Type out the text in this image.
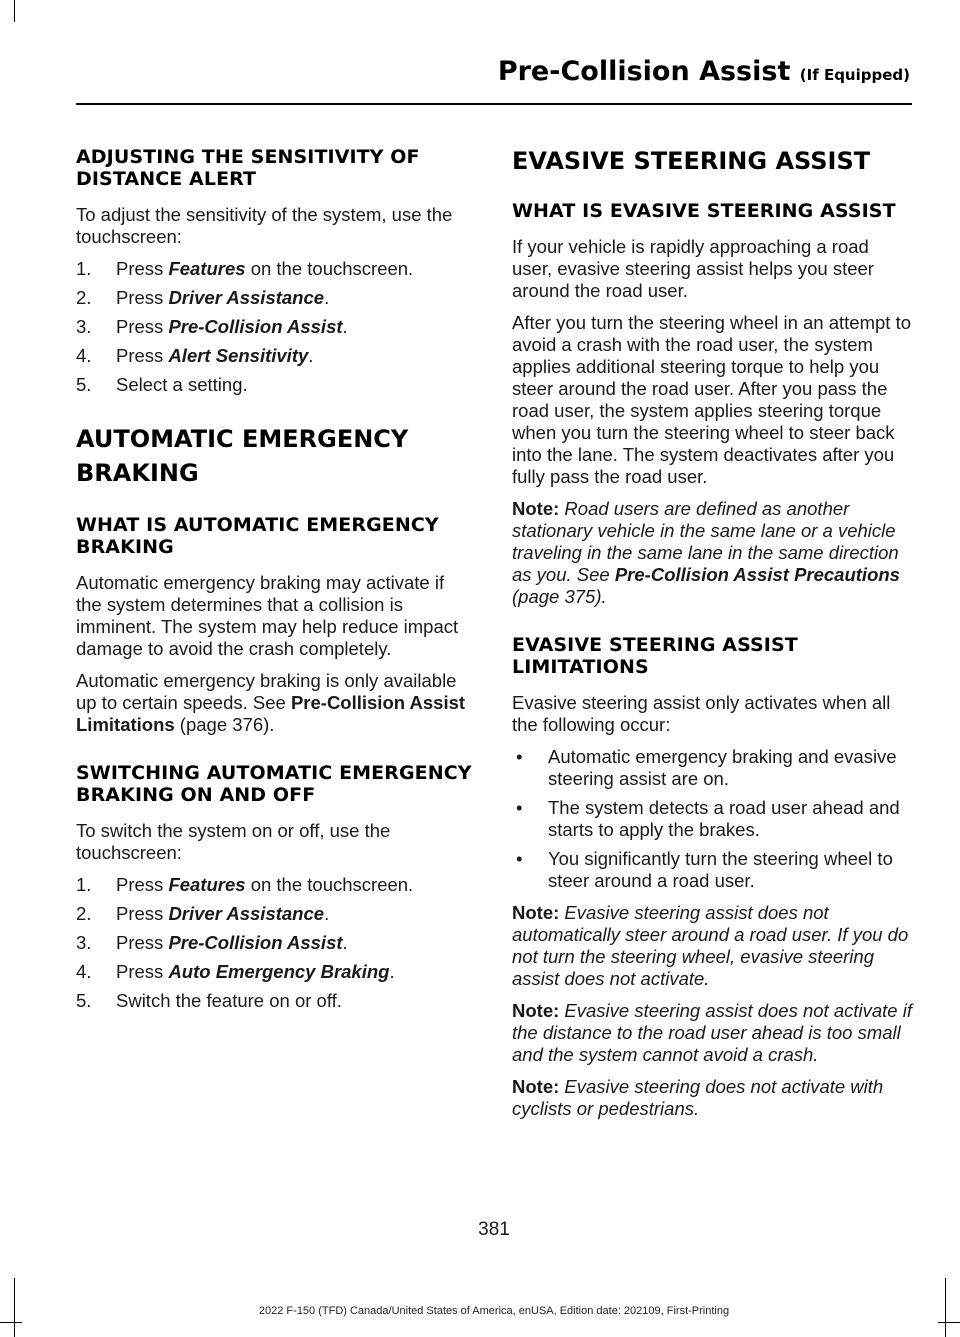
Pre-Collision Assist (If Equipped)
ADJUSTING THE SENSITIVITY OF DISTANCE ALERT

To adjust the sensitivity of the system, use the touchscreen:

1. Press Features on the touchscreen.
2. Press Driver Assistance.
3. Press Pre-Collision Assist.
4. Press Alert Sensitivity.
5. Select a setting.
AUTOMATIC EMERGENCY
BRAKING
WHAT IS AUTOMATIC EMERGENCY BRAKING

Automatic emergency braking may activate if the system determines that a collision is imminent. The system may help reduce impact damage to avoid the crash completely.

Automatic emergency braking is only available up to certain speeds. See Pre-Collision Assist Limitations (page 376).

SWITCHING AUTOMATIC EMERGENCY BRAKING ON AND OFF

To switch the system on or off, use the touchscreen:

1. Press Features on the touchscreen.
2. Press Driver Assistance.
3. Press Pre-Collision Assist.
4. Press Auto Emergency Braking.
5. Switch the feature on or off.
EVASIVE STEERING ASSIST
WHAT IS EVASIVE STEERING ASSIST

If your vehicle is rapidly approaching a road user, evasive steering assist helps you steer around the road user.

After you turn the steering wheel in an attempt to avoid a crash with the road user, the system applies additional steering torque to help you steer around the road user. After you pass the road user, the system applies steering torque when you turn the steering wheel to steer back into the lane. The system deactivates after you fully pass the road user.

Note: Road users are defined as another stationary vehicle in the same lane or a vehicle traveling in the same lane in the same direction as you. See Pre-Collision Assist Precautions (page 375).

EVASIVE STEERING ASSIST LIMITATIONS

Evasive steering assist only activates when all the following occur:

• Automatic emergency braking and evasive steering assist are on.
• The system detects a road user ahead and starts to apply the brakes.
• You significantly turn the steering wheel to steer around a road user.

Note: Evasive steering assist does not automatically steer around a road user. If you do not turn the steering wheel, evasive steering assist does not activate.

Note: Evasive steering assist does not activate if the distance to the road user ahead is too small and the system cannot avoid a crash.

Note: Evasive steering does not activate with cyclists or pedestrians.

381
2022 F-150 (TFD) Canada/United States of America, enUSA, Edition date: 202109, First-Printing
